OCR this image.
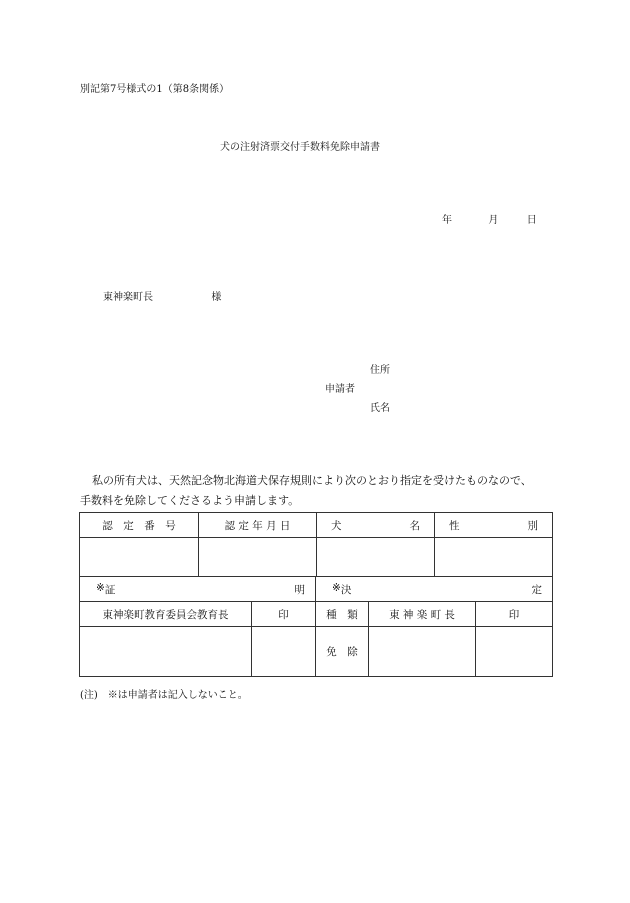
別記第7号様式の1（第8条関係）
犬の注射済票交付手数料免除申請書
年	月	日
東神楽町長	様
住所
申請者
氏名
私の所有犬は、天然記念物北海道犬保存規則により次のとおり指定を受けたものなので、
手数料を免除してくださるよう申請します。
認　定　番　号	認 定 年 月 日	犬 名	性 別

※ 証 明		※ 決 定		

東神楽町教育委員会教育長	印	種　類	東 神 楽 町 長	印
		免　除		
(注)　※は申請者は記入しないこと。
